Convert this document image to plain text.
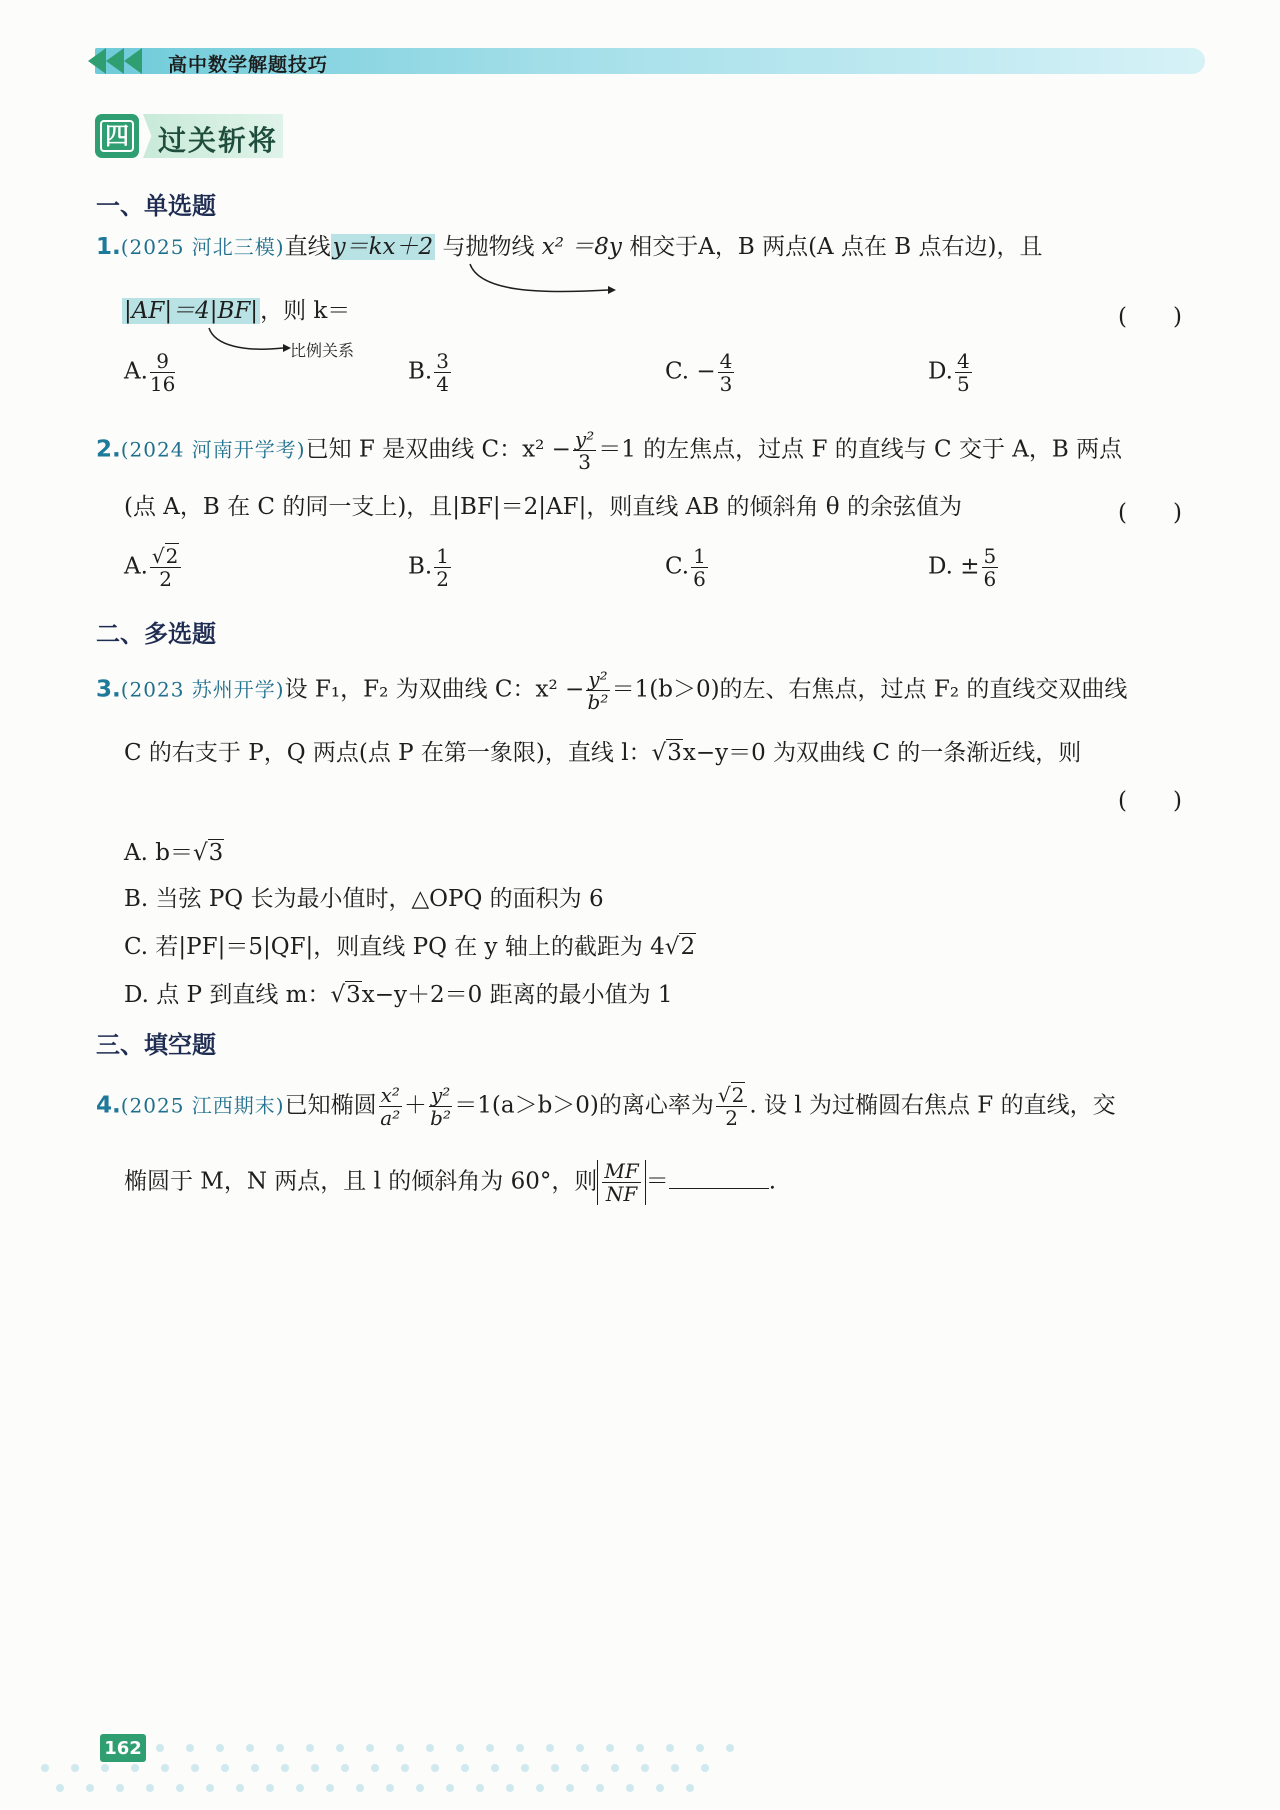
高中数学解题技巧
四 过关斩将
一、单选题
1.(2025 河北三模)直线y＝kx＋2 与抛物线 x² ＝8y 相交于A，B 两点(A 点在 B 点右边)，且
|AF|＝4|BF|，则 k＝
比例关系
(　　)
A. $\frac{9}{16}$	B. $\frac{3}{4}$	C. − $\frac{4}{3}$	D. $\frac{4}{5}$
2.(2024 河南开学考)已知 F 是双曲线 C：$x^2 - \frac{\text{y²}}{3} =1$ 的左焦点，过点 F 的直线与 C 交于 A，B 两点
(点 A，B 在 C 的同一支上)，且|BF|＝2|AF|，则直线 AB 的倾斜角 θ 的余弦值为	(　　)
A. $\frac{√2}{2}$	B. $\frac{1}{2}$	C. $\frac{1}{6}$	D. ± $\frac{5}{6}$
二、多选题
3.(2023 苏州开学)设 F₁，F₂ 为双曲线 C：$x^2 - \frac{\text{y²}}{\text{b²}} =1(b>0)$的左、右焦点，过点 F₂ 的直线交双曲线
C 的右支于 P，Q 两点(点 P 在第一象限)，直线 l：√3x−y＝0 为双曲线 C 的一条渐近线，则
(　　)
A. b＝√3
B. 当弦 PQ 长为最小值时，△OPQ 的面积为 6
C. 若|PF|＝5|QF|，则直线 PQ 在 y 轴上的截距为 4√2
D. 点 P 到直线 m：√3x−y＋2＝0 距离的最小值为 1
三、填空题
4.(2025 江西期末)已知椭圆 $\frac{\text{x²}}{\text{a²}} + \frac{\text{y²}}{\text{b²}} =1(a>b>0)$的离心率为 $\frac{√2}{2}$ . 设 l 为过椭圆右焦点 F 的直线，交
椭圆于 M，N 两点，且 l 的倾斜角为 60°，则 $\frac{MF}{NF}$ ＝	.
162
